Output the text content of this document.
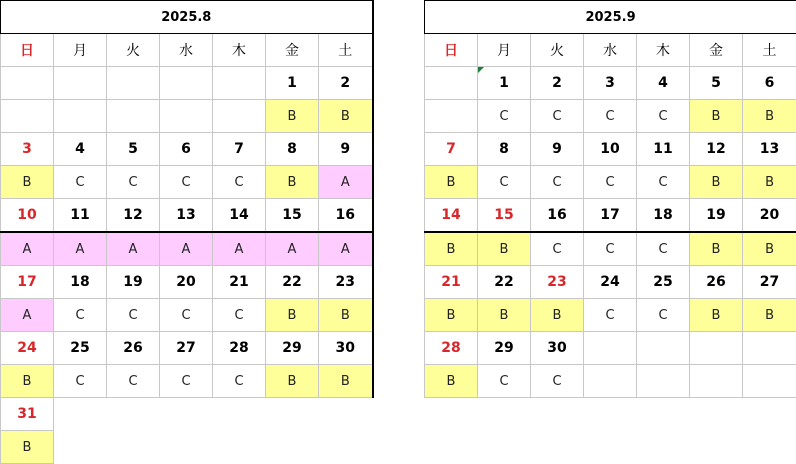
2025.8						
日	月	火	水	木	金	土
					1	2
					B	B
3	4	5	6	7	8	9
B	C	C	C	C	B	A
10	11	12	13	14	15	16
A	A	A	A	A	A	A
17	18	19	20	21	22	23
A	C	C	C	C	B	B
24	25	26	27	28	29	30
B	C	C	C	C	B	B
31						
B						
2025.9						
日	月	火	水	木	金	土
	1	2	3	4	5	6
	C	C	C	C	B	B
7	8	9	10	11	12	13
B	C	C	C	C	B	B
14	15	16	17	18	19	20
B	B	C	C	C	B	B
21	22	23	24	25	26	27
B	B	B	C	C	B	B
28	29	30				
B	C	C				
